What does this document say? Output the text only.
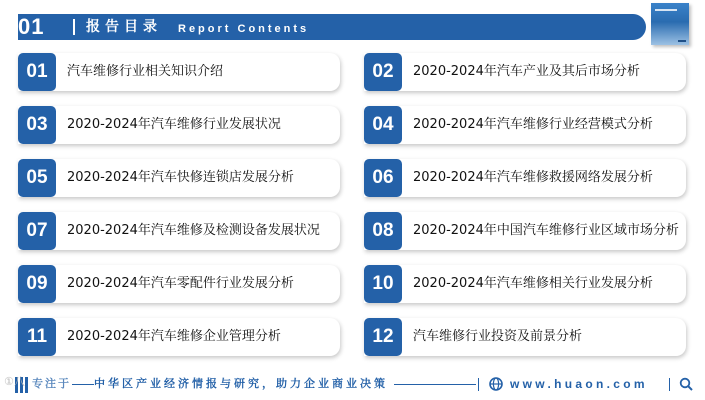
01	报告目录 Report Contents
01	汽车维修行业相关知识介绍	02	2020-2024年汽车产业及其后市场分析
03	2020-2024年汽车维修行业发展状况	04	2020-2024年汽车维修行业经营模式分析
05	2020-2024年汽车快修连锁店发展分析	06	2020-2024年汽车维修救援网络发展分析
07	2020-2024年汽车维修及检测设备发展状况	08	2020-2024年中国汽车维修行业区域市场分析
09	2020-2024年汽车零配件行业发展分析	10	2020-2024年汽车维修相关行业发展分析
11	2020-2024年汽车维修企业管理分析	12	汽车维修行业投资及前景分析
①八 专注于 中华区产业经济情报与研究，助力企业商业决策	www.huaon.com
